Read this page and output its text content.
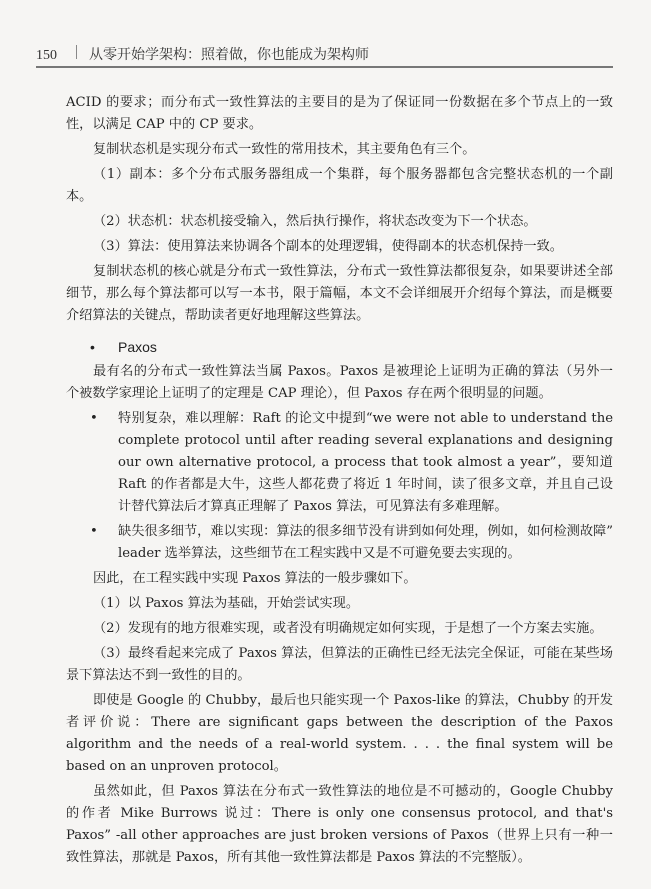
150	从零开始学架构：照着做，你也能成为架构师

ACID 的要求；而分布式一致性算法的主要目的是为了保证同一份数据在多个节点上的一致性，以满足 CAP 中的 CP 要求。

复制状态机是实现分布式一致性的常用技术，其主要角色有三个。

（1）副本：多个分布式服务器组成一个集群，每个服务器都包含完整状态机的一个副本。

（2）状态机：状态机接受输入，然后执行操作，将状态改变为下一个状态。

（3）算法：使用算法来协调各个副本的处理逻辑，使得副本的状态机保持一致。

复制状态机的核心就是分布式一致性算法，分布式一致性算法都很复杂，如果要讲述全部细节，那么每个算法都可以写一本书，限于篇幅，本文不会详细展开介绍每个算法，而是概要介绍算法的关键点，帮助读者更好地理解这些算法。

•	Paxos

最有名的分布式一致性算法当属 Paxos。Paxos 是被理论上证明为正确的算法（另外一个被数学家理论上证明了的定理是 CAP 理论），但 Paxos 存在两个很明显的问题。

• 特别复杂，难以理解：Raft 的论文中提到“we were not able to understand the complete protocol until after reading several explanations and designing our own alternative protocol, a process that took almost a year”，要知道 Raft 的作者都是大牛，这些人都花费了将近 1 年时间，读了很多文章，并且自己设计替代算法后才算真正理解了 Paxos 算法，可见算法有多难理解。
• 缺失很多细节，难以实现：算法的很多细节没有讲到如何处理，例如，如何检测故障” leader 选举算法，这些细节在工程实践中又是不可避免要去实现的。

因此，在工程实践中实现 Paxos 算法的一般步骤如下。

（1）以 Paxos 算法为基础，开始尝试实现。

（2）发现有的地方很难实现，或者没有明确规定如何实现，于是想了一个方案去实施。

（3）最终看起来完成了 Paxos 算法，但算法的正确性已经无法完全保证，可能在某些场景下算法达不到一致性的目的。

即使是 Google 的 Chubby，最后也只能实现一个 Paxos-like 的算法，Chubby 的开发者评价说：There are significant gaps between the description of the Paxos algorithm and the needs of a real-world system. . . . the final system will be based on an unproven protocol。

虽然如此，但 Paxos 算法在分布式一致性算法的地位是不可撼动的，Google Chubby 的作者 Mike Burrows 说过：There is only one consensus protocol, and that's Paxos” -all other approaches are just broken versions of Paxos（世界上只有一种一致性算法，那就是 Paxos，所有其他一致性算法都是 Paxos 算法的不完整版）。
